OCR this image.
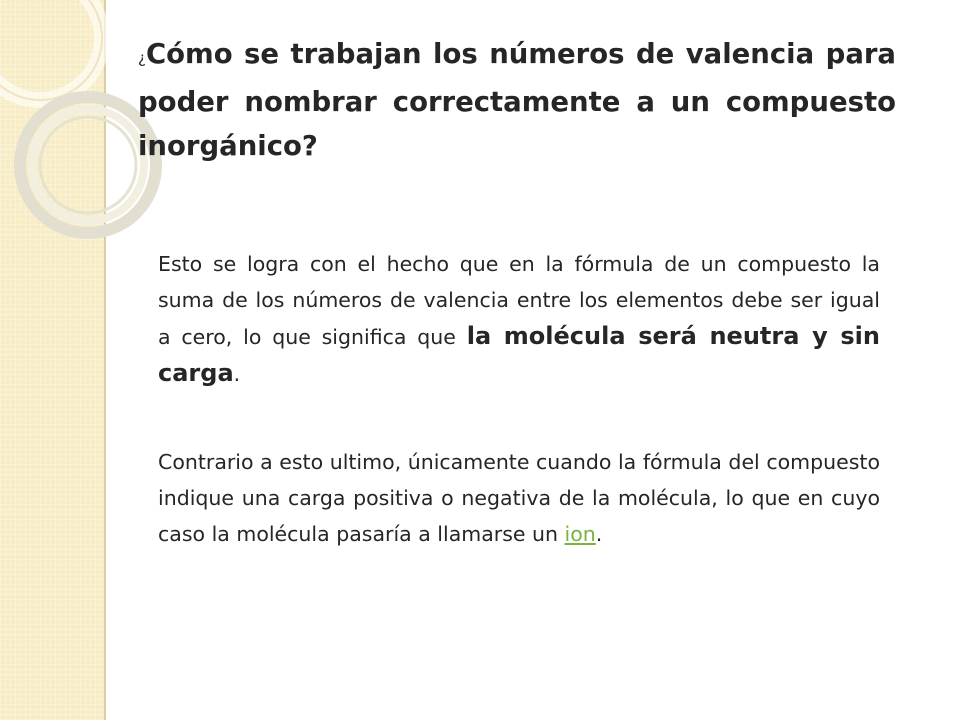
¿Cómo se trabajan los números de valencia para poder nombrar correctamente a un compuesto inorgánico?

Esto se logra con el hecho que en la fórmula de un compuesto la suma de los números de valencia entre los elementos debe ser igual a cero, lo que significa que la molécula será neutra y sin carga.

Contrario a esto ultimo, únicamente cuando la fórmula del compuesto indique una carga positiva o negativa de la molécula, lo que en cuyo caso la molécula pasaría a llamarse un ion.
